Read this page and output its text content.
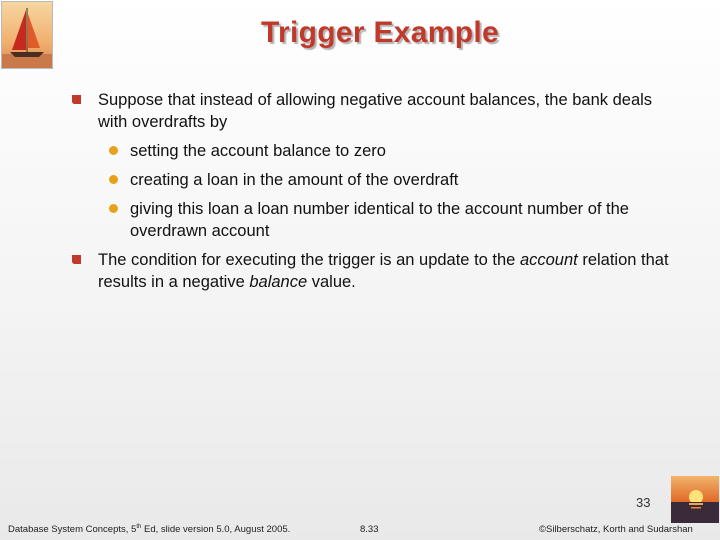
Trigger Example
Suppose that instead of allowing negative account balances, the bank deals with overdrafts by
setting the account balance to zero
creating a loan in the amount of the overdraft
giving this loan a loan number identical to the account number of the overdrawn account
The condition for executing the trigger is an update to the account relation that results in a negative balance value.
33
Database System Concepts, 5th Ed, slide version 5.0, August 2005.	8.33	©Silberschatz, Korth and Sudarshan
